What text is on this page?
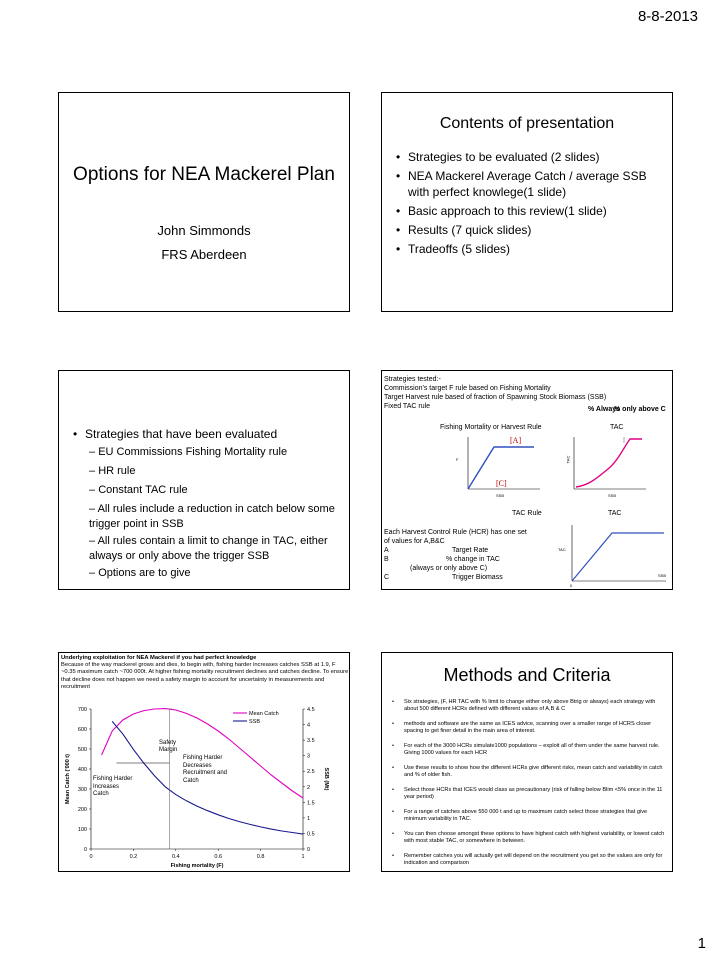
8-8-2013
Options for NEA Mackerel Plan
John Simmonds
FRS Aberdeen
Contents of presentation
• Strategies to be evaluated (2 slides)
• NEA Mackerel Average Catch / average SSB with perfect knowlege(1 slide)
• Basic approach to this review(1 slide)
• Results (7 quick slides)
• Tradeoffs (5 slides)
• Strategies that have been evaluated
– EU Commissions Fishing Mortality rule
– HR rule
– Constant TAC rule
– All rules include a reduction in catch below some trigger point in SSB
– All rules contain a limit to change in TAC, either always or only above the trigger SSB
– Options are to give
Strategies tested:-
Commission's target F rule based on Fishing Mortality
Target Harvest rule based of fraction of Spawning Stock Biomass (SSB)
Fixed TAC rule	% Always
% only above C
Fishing Mortality or Harvest Rule	TAC
[A]
[C]
F
SSB
TAC
SSB
TAC Rule	TAC
Each Harvest Control Rule (HCR) has one set of values for A,B&C
A	Target Rate
B	% change in TAC
(always or only above C)
C	Trigger Biomass
TAC
SSB
0
Underlying exploitation for NEA Mackerel if you had perfect knowledge
Because of the way mackerel grows and dies, to begin with, fishing harder increases catches SSB at 1.9, F ~0.35 maximum catch ~700 000t. At higher fishing mortality recruitment declines and catches decline. To ensure that decline does not happen we need a safety margin to account for uncertainty in measurements and recruitment
0	0.2	0.4	0.6	0.8	1
0
100
200
300
400
500
600
700
0
0.5
1
1.5
2
2.5
3
3.5
4
4.5
Fishing mortality (F)
Mean Catch ('000 t)	SSB (Mt)
Mean Catch
SSB
Safety Margin
Fishing Harder Decreases Recruitment and Catch
Fishing Harder Increases Catch
Methods and Criteria
• Six strategies, (F, HR TAC with % limit to change either only above Btrig or always) each strategy with about 500 different HCRs defined with different values of A,B & C
• methods and software are the same as ICES advice, scanning over a smaller range of HCRS closer spacing to get finer detail in the main area of interest.
• For each of the 3000 HCRs simulate1000 populations – exploit all of them under the same harvest rule. Giving 1000 values for each HCR
• Use these results to show how the different HCRs give different risks, mean catch and variability in catch and % of older fish.
• Select those HCRs that ICES would class as precautionary (risk of falling below Blim <5% once in the 11 year period)
• For a range of catches above 550 000 t and up to maximum catch select those strategies that give minimum variability in TAC.
• You can then choose amongst these options to have highest catch with highest variability, or lowest catch with most stable TAC, or somewhere in between.
• Remember catches you will actually get will depend on the recruitment you get so the values are only for indication and comparison
1
